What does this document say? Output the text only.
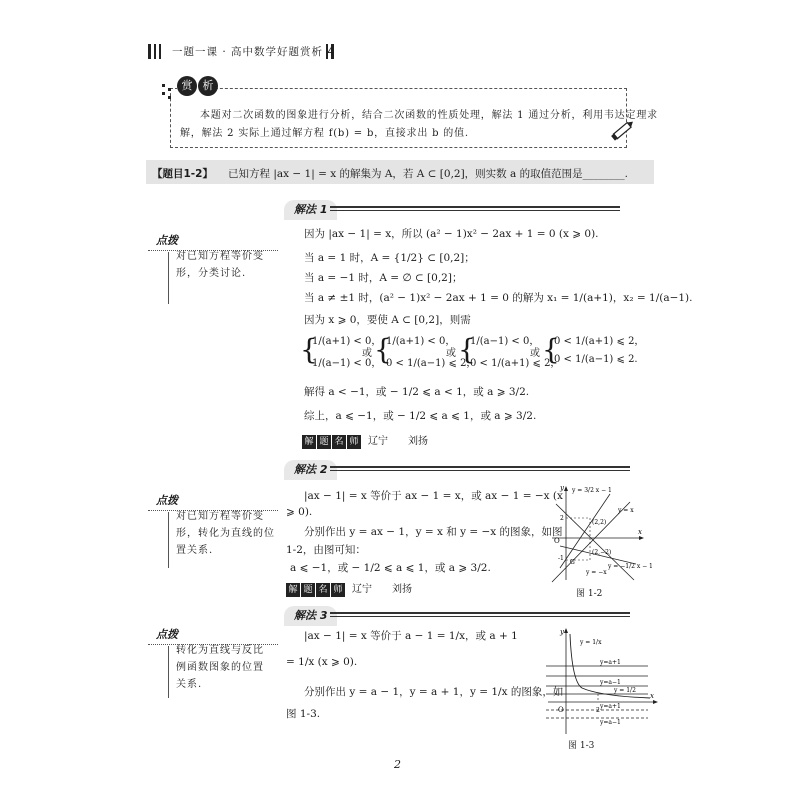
一题一课 · 高中数学好题赏析 4
赏 析
本题对二次函数的图象进行分析，结合二次函数的性质处理，解法 1 通过分析，利用韦达定理求
解，解法 2 实际上通过解方程 f(b) = b，直接求出 b 的值.
【题目1-2】 已知方程 |ax − 1| = x 的解集为 A，若 A ⊂ [0,2]，则实数 a 的取值范围是________.
解法 1
点拨
对已知方程等价变
形，分类讨论.
因为 |ax − 1| = x，所以 (a² − 1)x² − 2ax + 1 = 0 (x ⩾ 0).
当 a = 1 时，A = {1/2} ⊂ [0,2]；
当 a = −1 时，A = ∅ ⊂ [0,2]；
当 a ≠ ±1 时，(a² − 1)x² − 2ax + 1 = 0 的解为 x₁ = 1/(a+1)，x₂ = 1/(a−1).
因为 x ⩾ 0，要使 A ⊂ [0,2]，则需
{
1/(a+1) < 0，
1/(a−1) < 0，
或 {
1/(a+1) < 0，
0 < 1/(a−1) ⩽ 2，
或 {
1/(a−1) < 0，
0 < 1/(a+1) ⩽ 2，
或 {
0 < 1/(a+1) ⩽ 2，
0 < 1/(a−1) ⩽ 2.
解得 a < −1，或 − 1/2 ⩽ a < 1，或 a ⩾ 3/2.
综上，a ⩽ −1，或 − 1/2 ⩽ a ⩽ 1，或 a ⩾ 3/2.
解 题 名 师 辽宁　　刘扬
解法 2
点拨
对已知方程等价变
形，转化为直线的位
置关系.
|ax − 1| = x 等价于 ax − 1 = x，或 ax − 1 = −x (x
⩾ 0).
分别作出 y = ax − 1，y = x 和 y = −x 的图象，如图
1-2，由图可知：
a ⩽ −1，或 − 1/2 ⩽ a ⩽ 1，或 a ⩾ 3/2.
解 题 名 师 辽宁　　刘扬
y
x
O
2
-1
y = 3/2 x − 1
y = x
(2,2)
(2,−2)
y = −x
y = −1/2 x − 1
G
图 1-2
解法 3
点拨
转化为直线与反比
例函数图象的位置
关系.
|ax − 1| = x 等价于 a − 1 = 1/x，或 a + 1
= 1/x (x ⩾ 0).
分别作出 y = a − 1，y = a + 1，y = 1/x 的图象，如
图 1-3.
y
y = 1/x
y=a+1
y=a−1
y = 1/2
y=a+1
y=a−1
O	2
x
图 1-3
2
